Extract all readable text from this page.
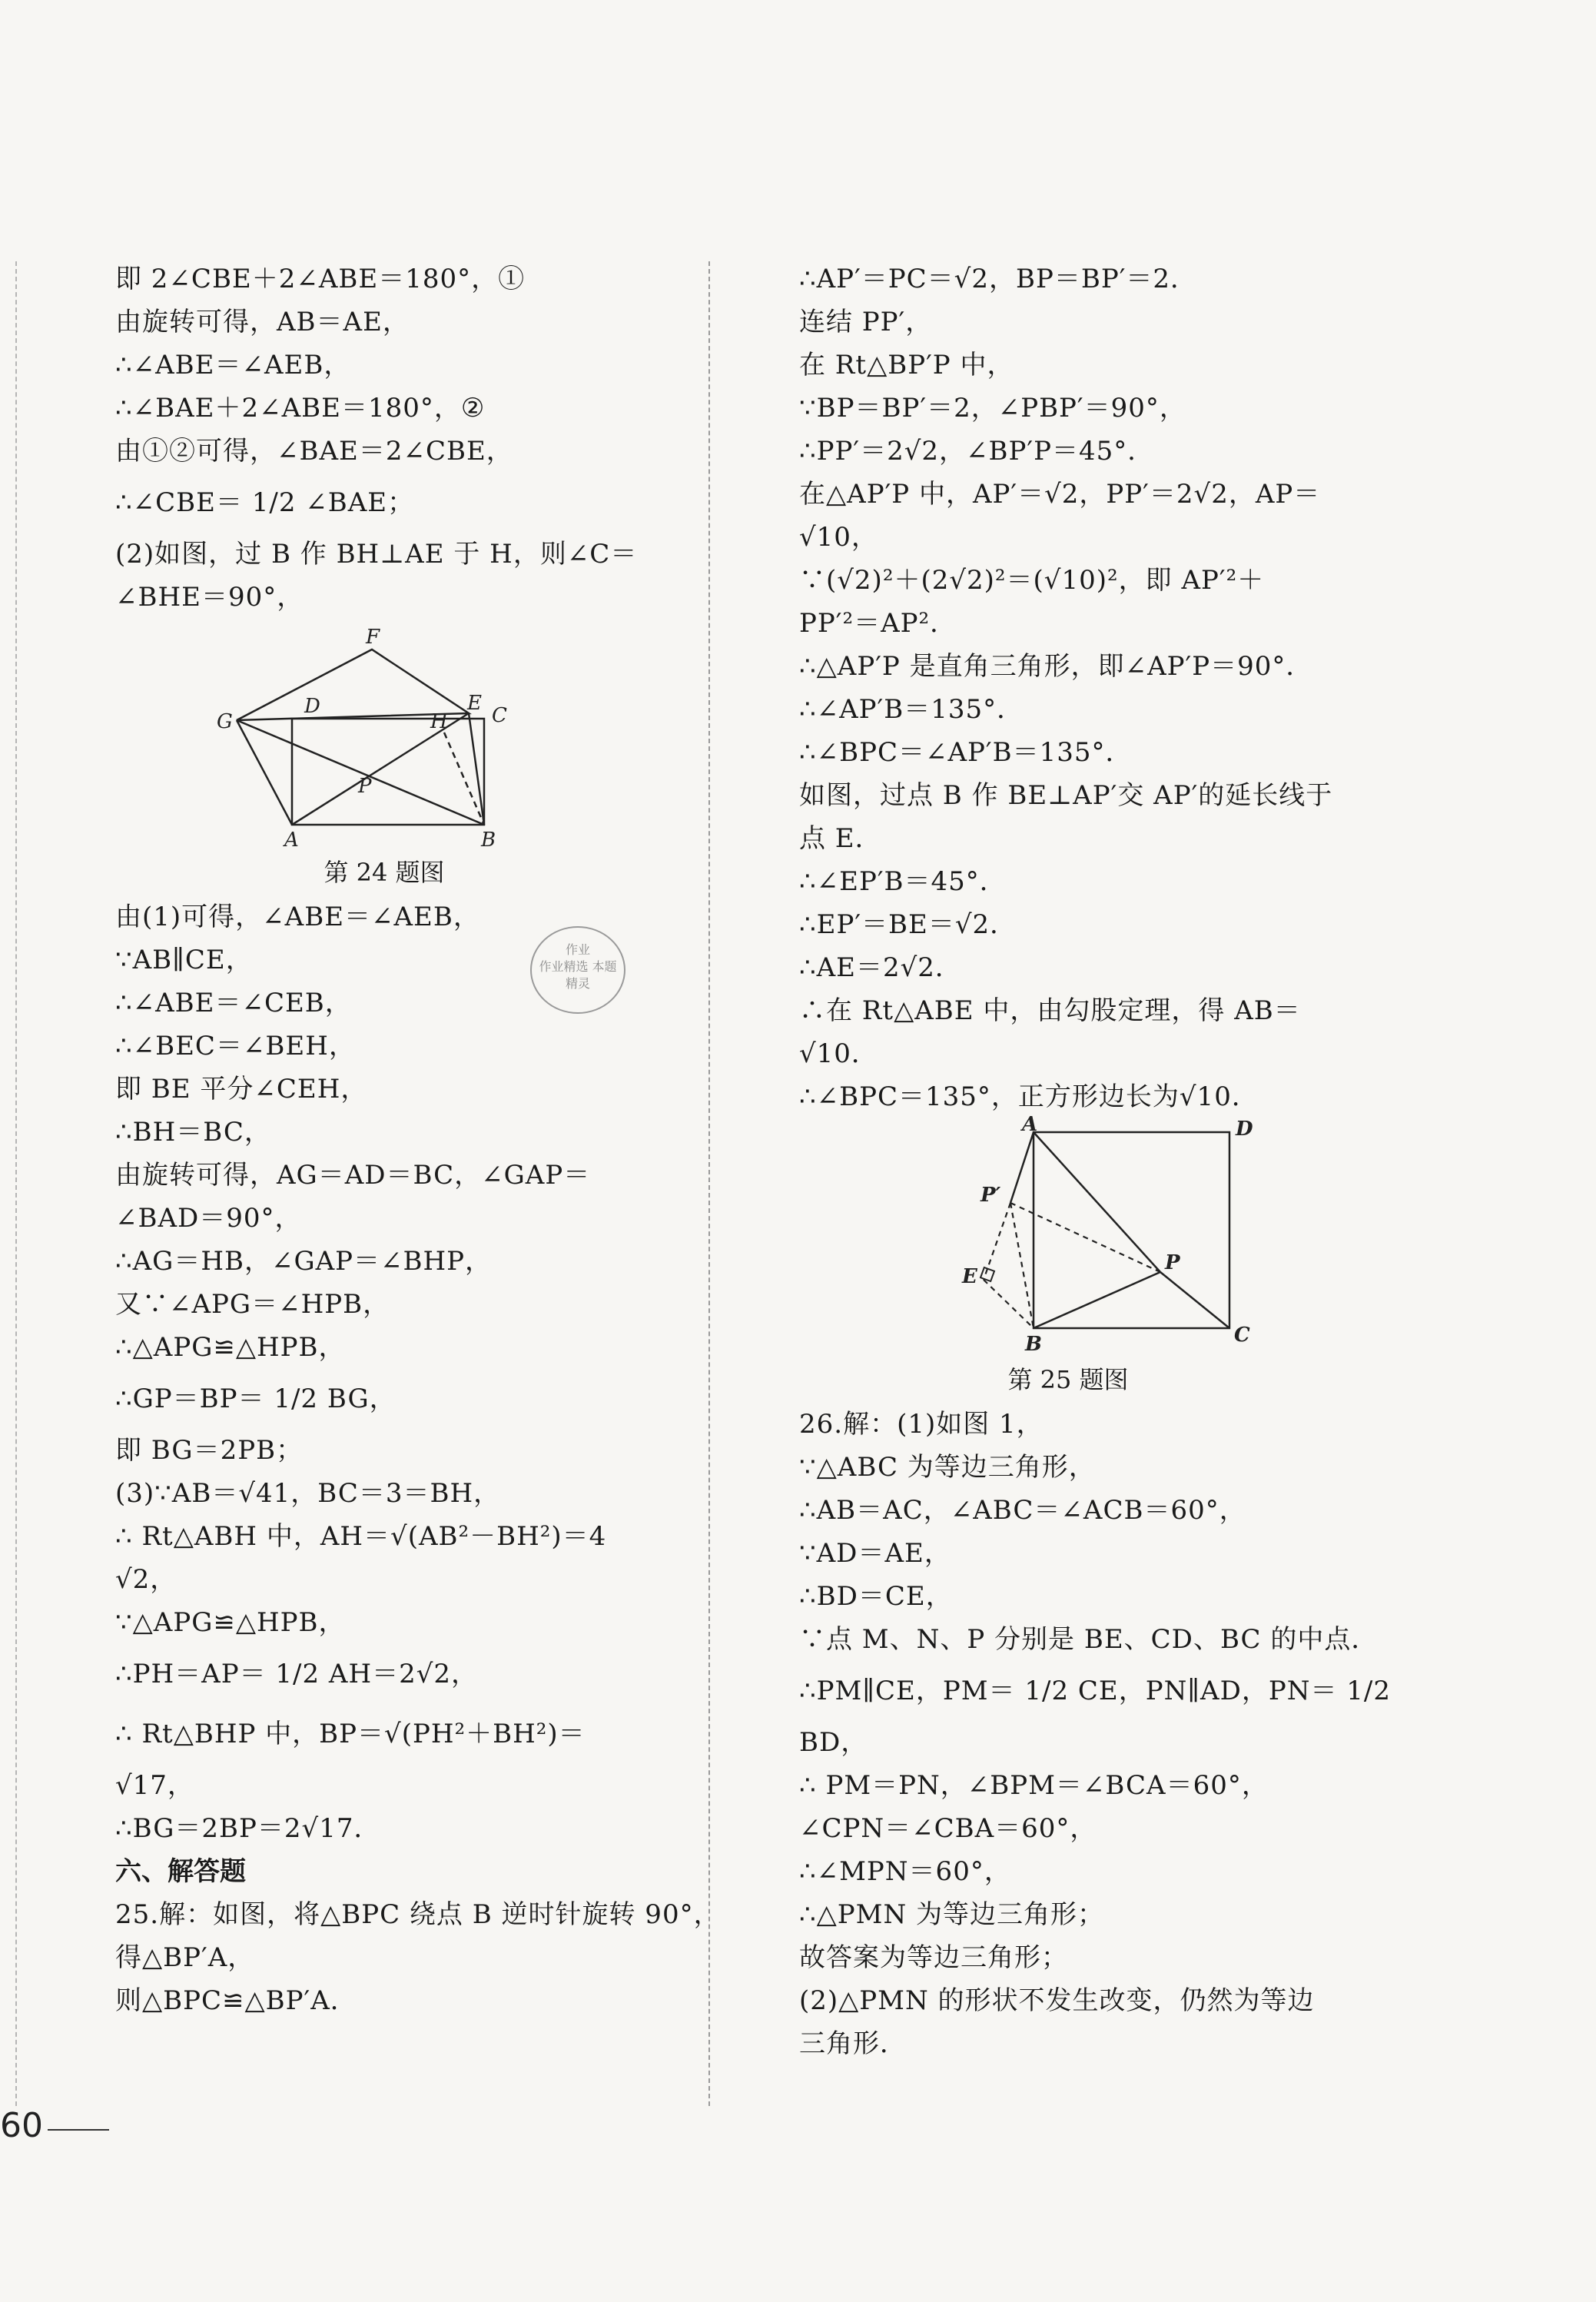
即 2∠CBE＋2∠ABE＝180°，①
由旋转可得，AB＝AE，
∴∠ABE＝∠AEB，
∴∠BAE＋2∠ABE＝180°，②
由①②可得，∠BAE＝2∠CBE，
∴∠CBE＝ 1/2 ∠BAE；
(2)如图，过 B 作 BH⊥AE 于 H，则∠C＝
∠BHE＝90°，
F
D	E
C
G	H
P
A	B
第 24 题图
由(1)可得，∠ABE＝∠AEB，
∵AB∥CE，
∴∠ABE＝∠CEB，
∴∠BEC＝∠BEH，
即 BE 平分∠CEH，
∴BH＝BC，
由旋转可得，AG＝AD＝BC，∠GAP＝
∠BAD＝90°，
∴AG＝HB，∠GAP＝∠BHP，
又∵∠APG＝∠HPB，
∴△APG≌△HPB，
∴GP＝BP＝ 1/2 BG，
即 BG＝2PB；
(3)∵AB＝√41，BC＝3＝BH，
∴ Rt△ABH 中，AH＝√(AB²－BH²)＝4
√2，
∵△APG≌△HPB，
∴PH＝AP＝ 1/2 AH＝2√2，
∴ Rt△BHP 中，BP＝√(PH²＋BH²)＝
√17，
∴BG＝2BP＝2√17．
六、解答题
25.解：如图，将△BPC 绕点 B 逆时针旋转 90°，
得△BP′A，
则△BPC≌△BP′A．
∴AP′＝PC＝√2，BP＝BP′＝2．
连结 PP′，
在 Rt△BP′P 中，
∵BP＝BP′＝2，∠PBP′＝90°，
∴PP′＝2√2，∠BP′P＝45°．
在△AP′P 中，AP′＝√2，PP′＝2√2，AP＝
√10，
∵(√2)²＋(2√2)²＝(√10)²，即 AP′²＋
PP′²＝AP²．
∴△AP′P 是直角三角形，即∠AP′P＝90°．
∴∠AP′B＝135°．
∴∠BPC＝∠AP′B＝135°．
如图，过点 B 作 BE⊥AP′交 AP′的延长线于
点 E．
∴∠EP′B＝45°．
∴EP′＝BE＝√2．
∴AE＝2√2．
∴在 Rt△ABE 中，由勾股定理，得 AB＝
√10．
∴∠BPC＝135°，正方形边长为√10．
A	D
P′
E
P
B	C
第 25 题图
26.解：(1)如图 1，
∵△ABC 为等边三角形，
∴AB＝AC，∠ABC＝∠ACB＝60°，
∵AD＝AE，
∴BD＝CE，
∵点 M、N、P 分别是 BE、CD、BC 的中点．
∴PM∥CE，PM＝ 1/2 CE，PN∥AD，PN＝ 1/2
BD，
∴ PM＝PN，∠BPM＝∠BCA＝60°，
∠CPN＝∠CBA＝60°，
∴∠MPN＝60°，
∴△PMN 为等边三角形；
故答案为等边三角形；
(2)△PMN 的形状不发生改变，仍然为等边
三角形．
作业
作业精选 本题
精灵
60
